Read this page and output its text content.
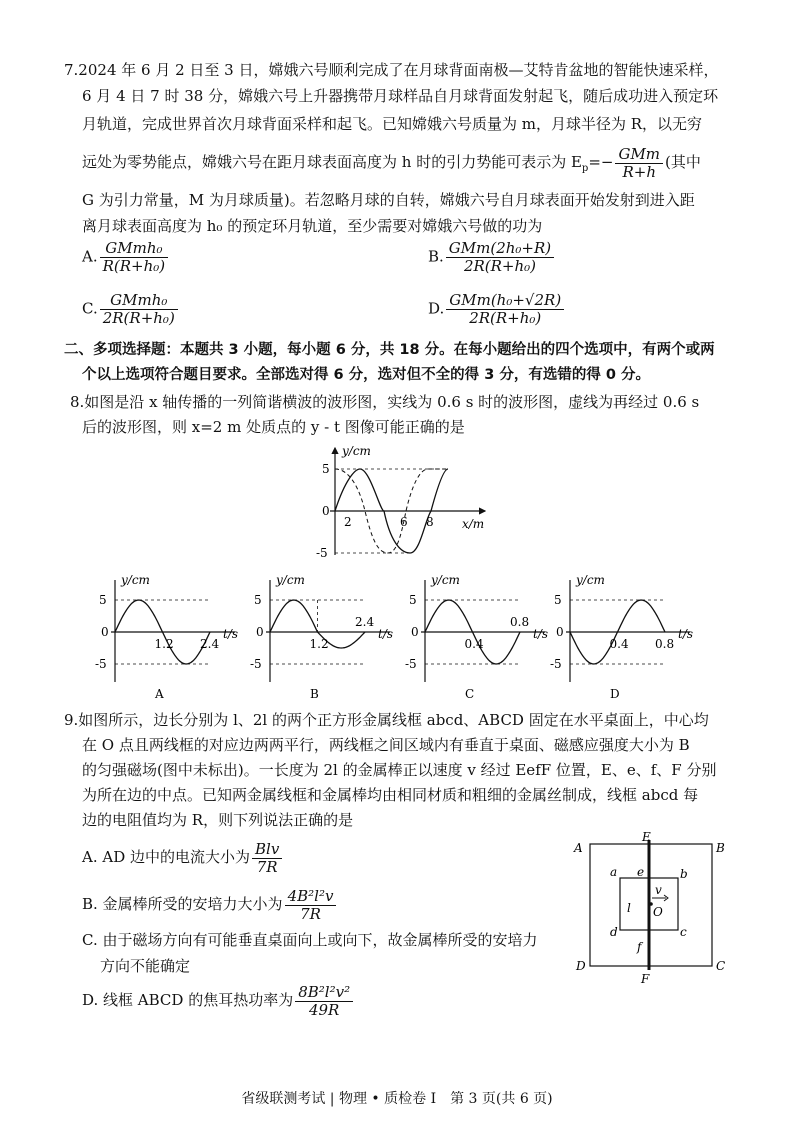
7.2024 年 6 月 2 日至 3 日，嫦娥六号顺利完成了在月球背面南极—艾特肯盆地的智能快速采样，
6 月 4 日 7 时 38 分，嫦娥六号上升器携带月球样品自月球背面发射起飞，随后成功进入预定环
月轨道，完成世界首次月球背面采样和起飞。已知嫦娥六号质量为 m，月球半径为 R，以无穷
远处为零势能点，嫦娥六号在距月球表面高度为 h 时的引力势能可表示为 $E_p=- \frac{\text{GMm}}{R+h}$ (其中
G 为引力常量，M 为月球质量)。若忽略月球的自转，嫦娥六号自月球表面开始发射到进入距
离月球表面高度为 h₀ 的预定环月轨道，至少需要对嫦娥六号做的功为
A. $\frac{\text{GMmh₀}}{\text{R(R+h₀)}}$	B. $\frac{\text{GMm(2h₀+R)}}{\text{2R(R+h₀)}}$
C. $\frac{\text{GMmh₀}}{\text{2R(R+h₀)}}$	D. $\frac{\text{GMm(h₀+√2R)}}{\text{2R(R+h₀)}}$
二、多项选择题：本题共 3 小题，每小题 6 分，共 18 分。在每小题给出的四个选项中，有两个或两
个以上选项符合题目要求。全部选对得 6 分，选对但不全的得 3 分，有选错的得 0 分。
8.如图是沿 x 轴传播的一列简谐横波的波形图，实线为 0.6 s 时的波形图，虚线为再经过 0.6 s
后的波形图，则 x=2 m 处质点的 y - t 图像可能正确的是
y/cm
5
0
-5
2	6 8 x/m
y/cm
5
0
-5
1.2 2.4
t/s
A
y/cm
5
0
-5
1.2
2.4
t/s
B
y/cm
5
0
-5
0.4
0.8
t/s
C
y/cm
5
0
-5
0.4 0.8
t/s
D
9.如图所示，边长分别为 l、2l 的两个正方形金属线框 abcd、ABCD 固定在水平桌面上，中心均
在 O 点且两线框的对应边两两平行，两线框之间区域内有垂直于桌面、磁感应强度大小为 B
的匀强磁场(图中未标出)。一长度为 2l 的金属棒正以速度 v 经过 EefF 位置，E、e、f、F 分别
为所在边的中点。已知两金属线框和金属棒均由相同材质和粗细的金属丝制成，线框 abcd 每
边的电阻值均为 R，则下列说法正确的是
A. AD 边中的电流大小为 $\frac{\text{Blv}}{7R}$
B. 金属棒所受的安培力大小为 $\frac{\text{4B²l²v}}{7R}$
C. 由于磁场方向有可能垂直桌面向上或向下，故金属棒所受的安培力
方向不能确定
D. 线框 ABCD 的焦耳热功率为 $\frac{\text{8B²l²v²}}{49R}$
A	B
C
D
E
F
a	b
c
d
e
f
O
v
l
省级联测考试 | 物理 • 质检卷 Ⅰ　第 3 页(共 6 页)
